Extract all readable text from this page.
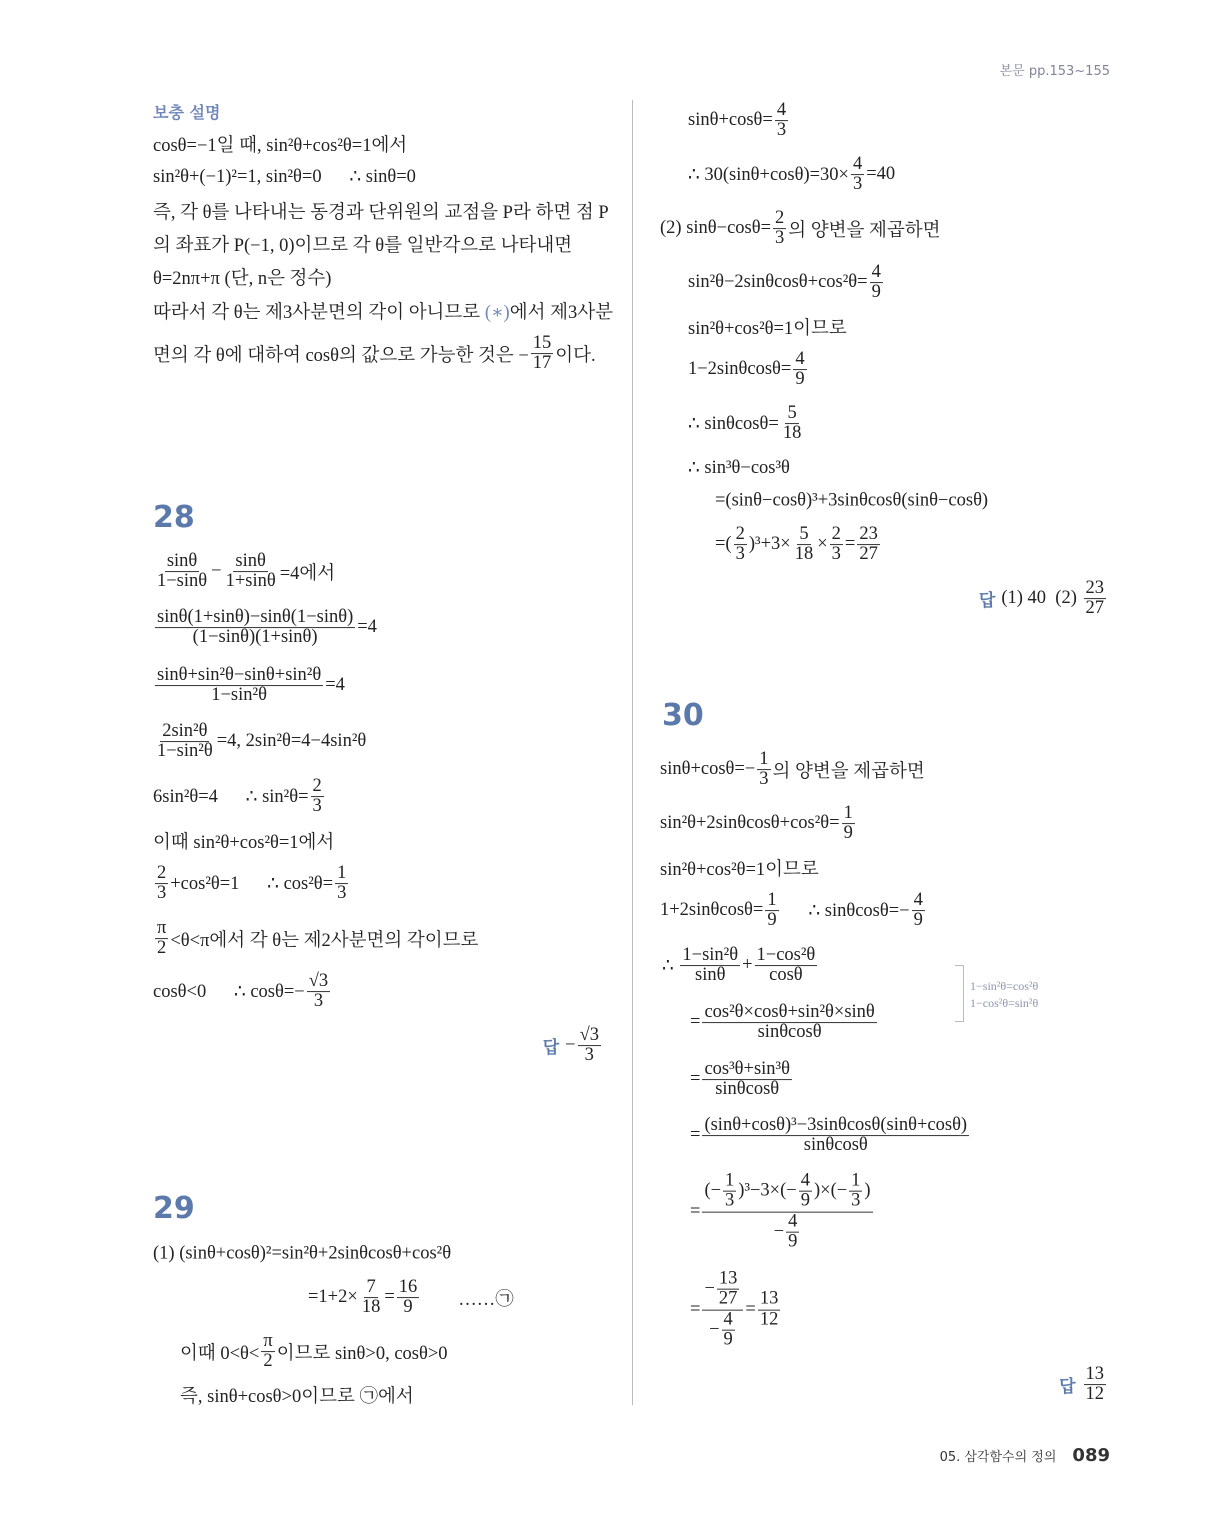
본문 pp.153~155
보충 설명
cosθ=−1일 때, sin²θ+cos²θ=1에서
sin²θ+(−1)²=1, sin²θ=0      ∴ sinθ=0
즉, 각 θ를 나타내는 동경과 단위원의 교점을 P라 하면 점 P
의 좌표가 P(−1, 0)이므로 각 θ를 일반각으로 나타내면
θ=2nπ+π (단, n은 정수)
따라서 각 θ는 제3사분면의 각이 아니므로 (∗)에서 제3사분
면의 각 θ에 대하여 cosθ의 값으로 가능한 것은 − $\frac{15}{17}$ 이다.
28
$\frac{\sin\theta}{1-\sin\theta} - \frac{\sin\theta}{1+\sin\theta} =4$에서
$\frac{\sin\theta(1+\sin\theta)-\sin\theta(1-\sin\theta)}{(1-\sin\theta)(1+\sin\theta)} =4$
$\frac{\text{sinθ+sin²θ−sinθ+sin²θ}}{\text{1−sin²θ}} =4$
$\frac{\text{2sin²θ}}{\text{1−sin²θ}} =4$, 2sin²θ=4−4sin²θ
6sin²θ=4      ∴ $\sin^2\theta= \frac{2}{3}$
이때 sin²θ+cos²θ=1에서
$\frac{2}{3} +\cos^2\theta=1$      ∴ $\cos^2\theta= \frac{1}{3}$
$\frac{\pi}{2} <\theta<\pi$에서 각 θ는 제2사분면의 각이므로
cosθ<0      ∴ $\cos\theta=- \frac{√3}{3}$
답 − $\frac{√3}{3}$
29
(1) (sinθ+cosθ)²=sin²θ+2sinθcosθ+cos²θ
$=1+2\times \frac{7}{18} = \frac{16}{9}$ ……㉠
이때 $0<\theta< \frac{\pi}{2}$ 이므로 sinθ>0, cosθ>0
즉, sinθ+cosθ>0이므로 ㉠에서
$\sin\theta+\cos\theta= \frac{4}{3}$
∴ $30(\sin\theta+\cos\theta)=30\times \frac{4}{3} =40$
(2) $\sin\theta-\cos\theta= \frac{2}{3}$ 의 양변을 제곱하면
$\sin^2\theta-2\sin\theta\cos\theta+\cos^2\theta= \frac{4}{9}$
sin²θ+cos²θ=1이므로
$1-2\sin\theta\cos\theta= \frac{4}{9}$
∴ $\sin\theta\cos\theta= \frac{5}{18}$
∴ sin³θ−cos³θ
=(sinθ−cosθ)³+3sinθcosθ(sinθ−cosθ)
=( $\frac{2}{3} )^3+3\times \frac{5}{18} \times \frac{2}{3} = \frac{23}{27}$
답 (1) 40  $(2) \frac{23}{27}$
30
$\sin\theta+\cos\theta=- \frac{1}{3}$ 의 양변을 제곱하면
$\sin^2\theta+2\sin\theta\cos\theta+\cos^2\theta= \frac{1}{9}$
sin²θ+cos²θ=1이므로
$1+2\sin\theta\cos\theta= \frac{1}{9}$ ∴ $\sin\theta\cos\theta=- \frac{4}{9}$
∴ $\frac{\text{1−sin²θ}}{\sin\theta} + \frac{\text{1−cos²θ}}{\cos\theta}$
= $\frac{\text{cos²θ×cosθ+sin²θ×sinθ}}{\sin\theta\cos\theta}$
1−sin²θ=cos²θ
1−cos²θ=sin²θ
= $\frac{\text{cos³θ+sin³θ}}{\sin\theta\cos\theta}$
= $\frac{\text{(sinθ+cosθ)³−3sinθcosθ(sinθ+cosθ)}}{\sin\theta\cos\theta}$
= $\frac{(- \frac{1}{3} )^3-3\times(- \frac{4}{9} )\times(- \frac{1}{3} )}{- \frac{4}{9}}$
= $\frac{- \frac{13}{27}}{- \frac{4}{9}} = \frac{13}{12}$
답 $\frac{13}{12}$
05. 삼각함수의 정의 089
